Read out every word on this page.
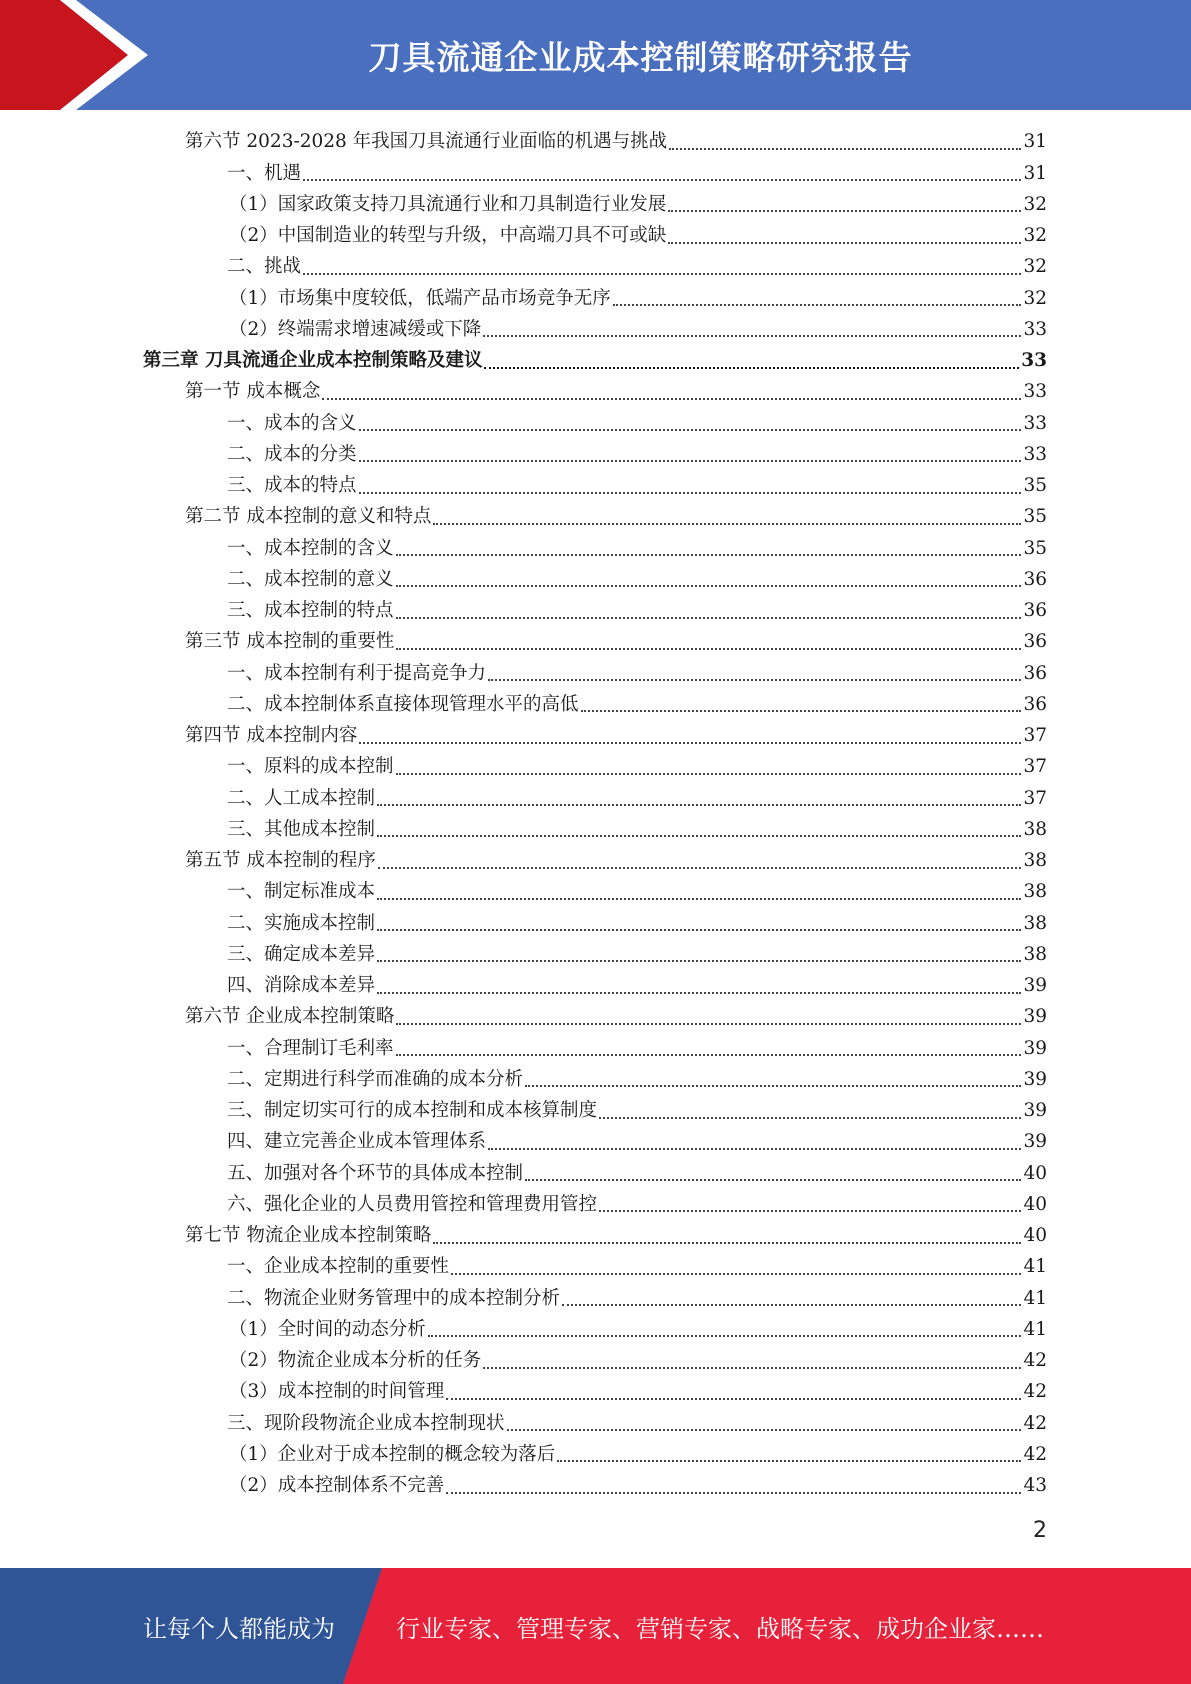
刀具流通企业成本控制策略研究报告
第六节 2023-2028 年我国刀具流通行业面临的机遇与挑战	31
一、机遇	31
（1）国家政策支持刀具流通行业和刀具制造行业发展	32
（2）中国制造业的转型与升级，中高端刀具不可或缺	32
二、挑战	32
（1）市场集中度较低，低端产品市场竞争无序	32
（2）终端需求增速减缓或下降	33
第三章 刀具流通企业成本控制策略及建议	33
第一节 成本概念	33
一、成本的含义	33
二、成本的分类	33
三、成本的特点	35
第二节 成本控制的意义和特点	35
一、成本控制的含义	35
二、成本控制的意义	36
三、成本控制的特点	36
第三节 成本控制的重要性	36
一、成本控制有利于提高竞争力	36
二、成本控制体系直接体现管理水平的高低	36
第四节 成本控制内容	37
一、原料的成本控制	37
二、人工成本控制	37
三、其他成本控制	38
第五节 成本控制的程序	38
一、制定标准成本	38
二、实施成本控制	38
三、确定成本差异	38
四、消除成本差异	39
第六节 企业成本控制策略	39
一、合理制订毛利率	39
二、定期进行科学而准确的成本分析	39
三、制定切实可行的成本控制和成本核算制度	39
四、建立完善企业成本管理体系	39
五、加强对各个环节的具体成本控制	40
六、强化企业的人员费用管控和管理费用管控	40
第七节 物流企业成本控制策略	40
一、企业成本控制的重要性	41
二、物流企业财务管理中的成本控制分析	41
（1）全时间的动态分析	41
（2）物流企业成本分析的任务	42
（3）成本控制的时间管理	42
三、现阶段物流企业成本控制现状	42
（1）企业对于成本控制的概念较为落后	42
（2）成本控制体系不完善	43
2
让每个人都能成为	行业专家、管理专家、营销专家、战略专家、成功企业家……
